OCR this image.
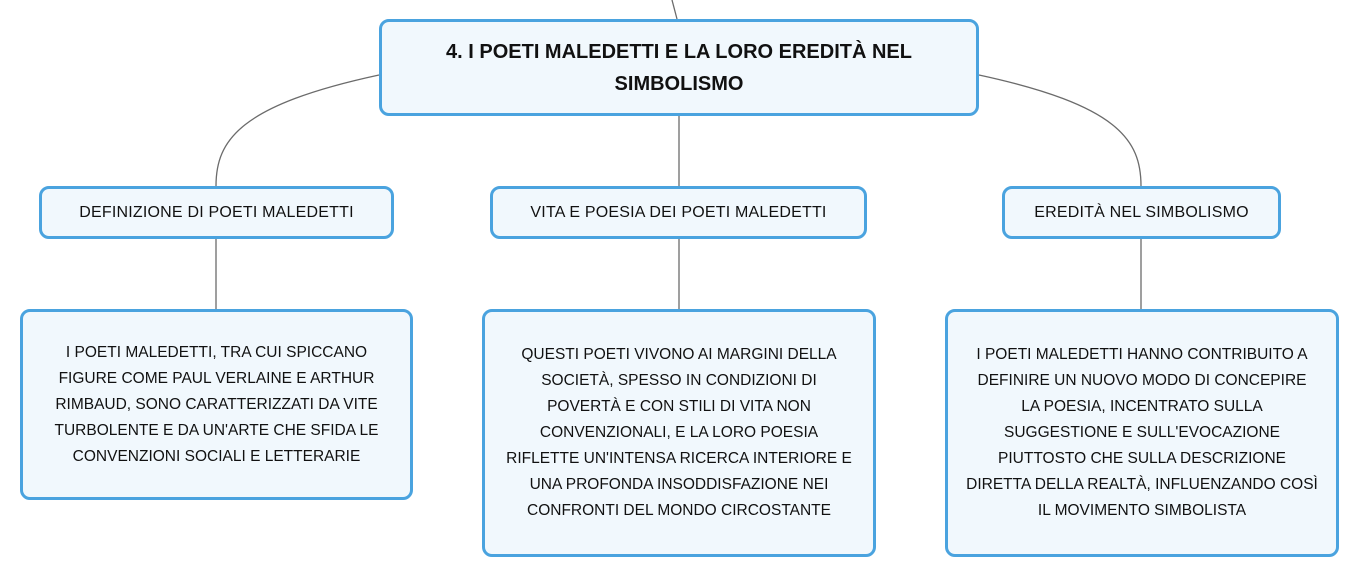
4. I POETI MALEDETTI E LA LORO EREDITÀ NEL SIMBOLISMO
DEFINIZIONE DI POETI MALEDETTI	VITA E POESIA DEI POETI MALEDETTI	EREDITÀ NEL SIMBOLISMO
I POETI MALEDETTI, TRA CUI SPICCANO FIGURE COME PAUL VERLAINE E ARTHUR RIMBAUD, SONO CARATTERIZZATI DA VITE TURBOLENTE E DA UN'ARTE CHE SFIDA LE CONVENZIONI SOCIALI E LETTERARIE
QUESTI POETI VIVONO AI MARGINI DELLA SOCIETÀ, SPESSO IN CONDIZIONI DI POVERTÀ E CON STILI DI VITA NON CONVENZIONALI, E LA LORO POESIA RIFLETTE UN'INTENSA RICERCA INTERIORE E UNA PROFONDA INSODDISFAZIONE NEI CONFRONTI DEL MONDO CIRCOSTANTE
I POETI MALEDETTI HANNO CONTRIBUITO A DEFINIRE UN NUOVO MODO DI CONCEPIRE LA POESIA, INCENTRATO SULLA SUGGESTIONE E SULL'EVOCAZIONE PIUTTOSTO CHE SULLA DESCRIZIONE DIRETTA DELLA REALTÀ, INFLUENZANDO COSÌ IL MOVIMENTO SIMBOLISTA
